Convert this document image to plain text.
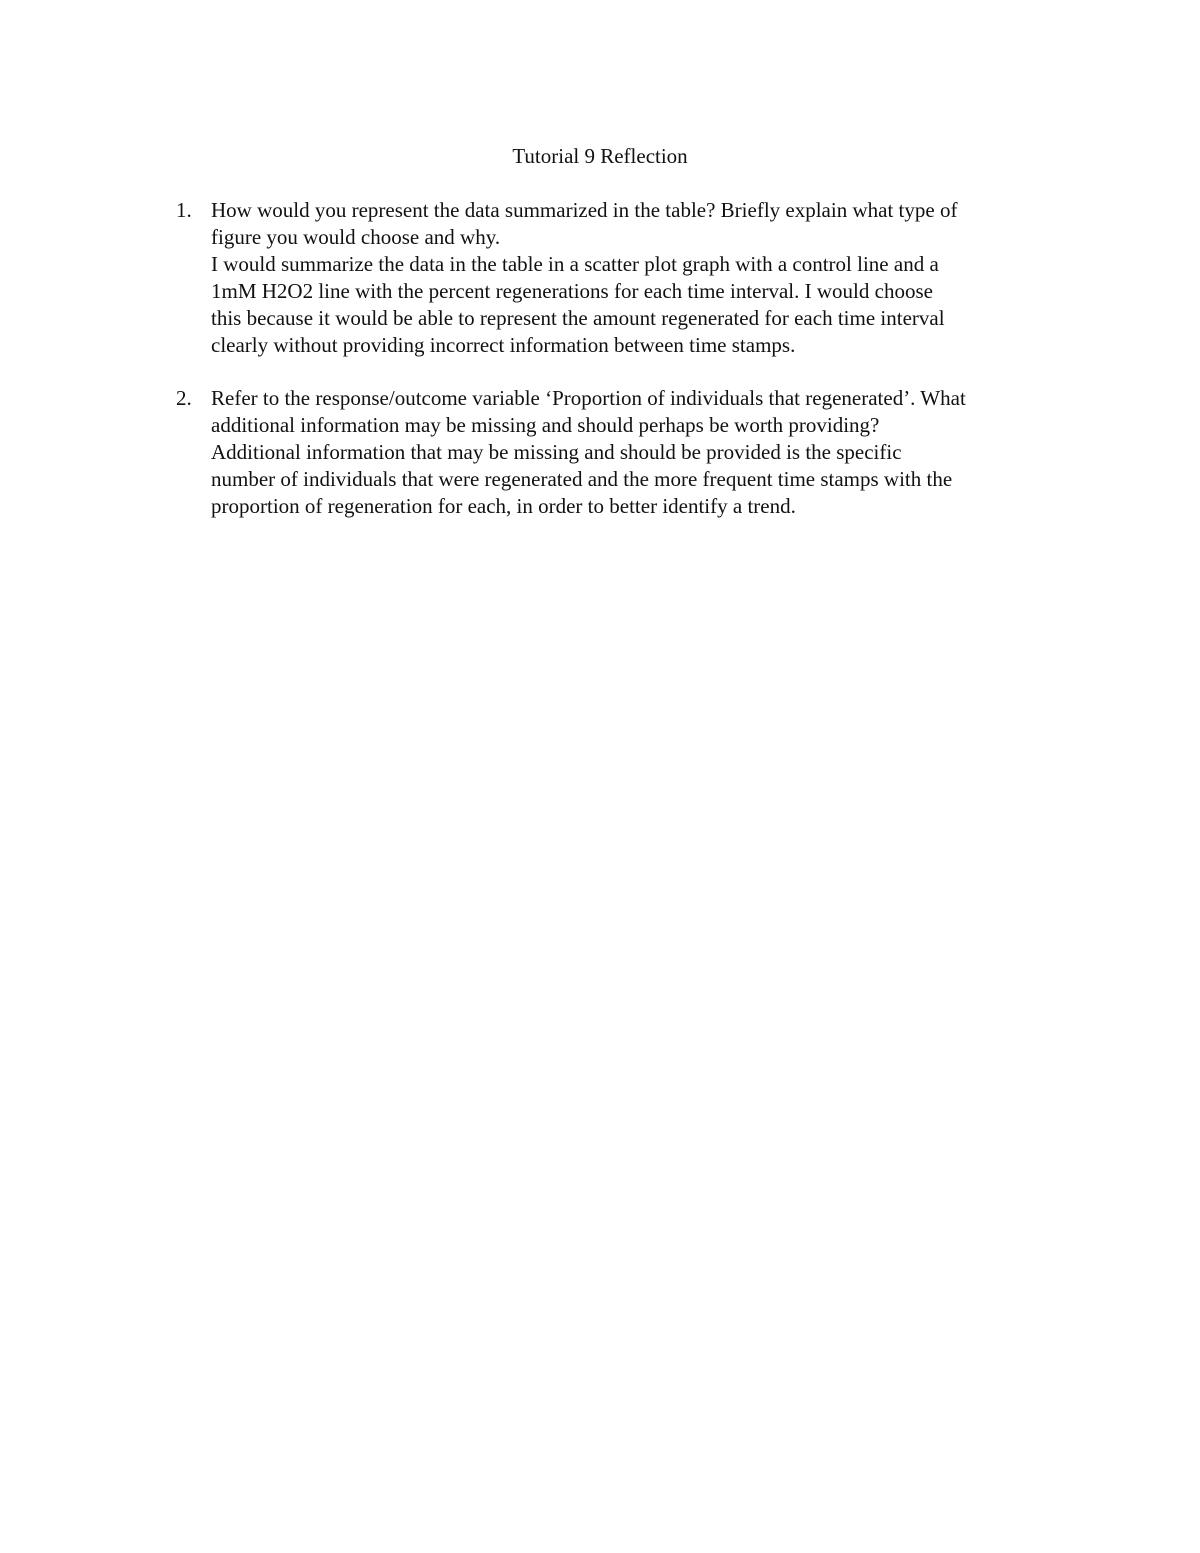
Tutorial 9 Reflection
1. How would you represent the data summarized in the table? Briefly explain what type of

figure you would choose and why.

I would summarize the data in the table in a scatter plot graph with a control line and a

1mM H2O2 line with the percent regenerations for each time interval. I would choose

this because it would be able to represent the amount regenerated for each time interval

clearly without providing incorrect information between time stamps.

2. Refer to the response/outcome variable ‘Proportion of individuals that regenerated’. What

additional information may be missing and should perhaps be worth providing?

Additional information that may be missing and should be provided is the specific

number of individuals that were regenerated and the more frequent time stamps with the

proportion of regeneration for each, in order to better identify a trend.
